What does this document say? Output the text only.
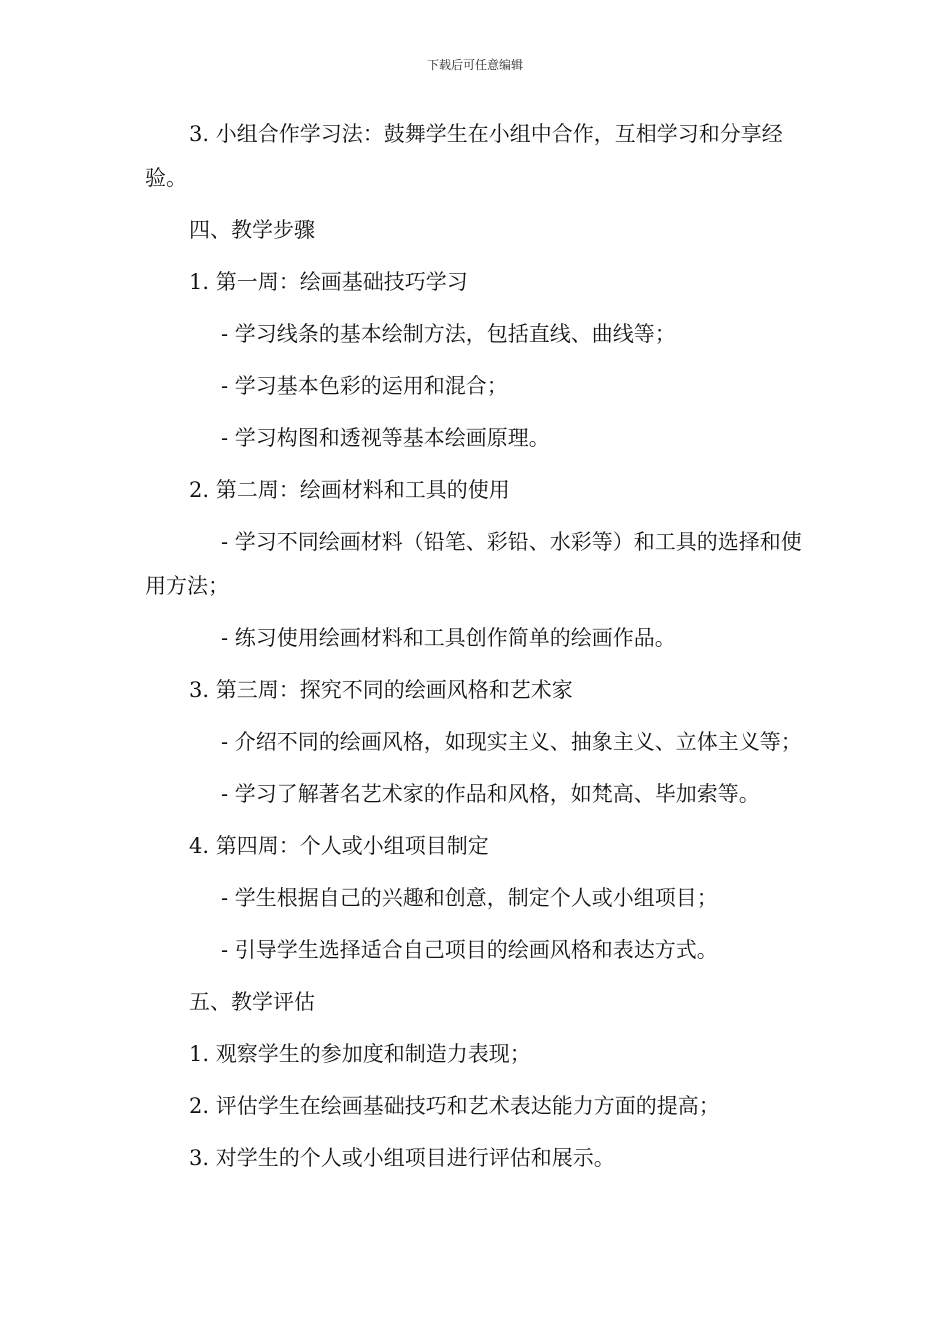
下载后可任意编辑

3. 小组合作学习法：鼓舞学生在小组中合作，互相学习和分享经验。

四、教学步骤

1. 第一周：绘画基础技巧学习

- 学习线条的基本绘制方法，包括直线、曲线等；

- 学习基本色彩的运用和混合；

- 学习构图和透视等基本绘画原理。

2. 第二周：绘画材料和工具的使用

- 学习不同绘画材料（铅笔、彩铅、水彩等）和工具的选择和使用方法；

- 练习使用绘画材料和工具创作简单的绘画作品。

3. 第三周：探究不同的绘画风格和艺术家

- 介绍不同的绘画风格，如现实主义、抽象主义、立体主义等；

- 学习了解著名艺术家的作品和风格，如梵高、毕加索等。

4. 第四周：个人或小组项目制定

- 学生根据自己的兴趣和创意，制定个人或小组项目；

- 引导学生选择适合自己项目的绘画风格和表达方式。

五、教学评估

1. 观察学生的参加度和制造力表现；

2. 评估学生在绘画基础技巧和艺术表达能力方面的提高；

3. 对学生的个人或小组项目进行评估和展示。
